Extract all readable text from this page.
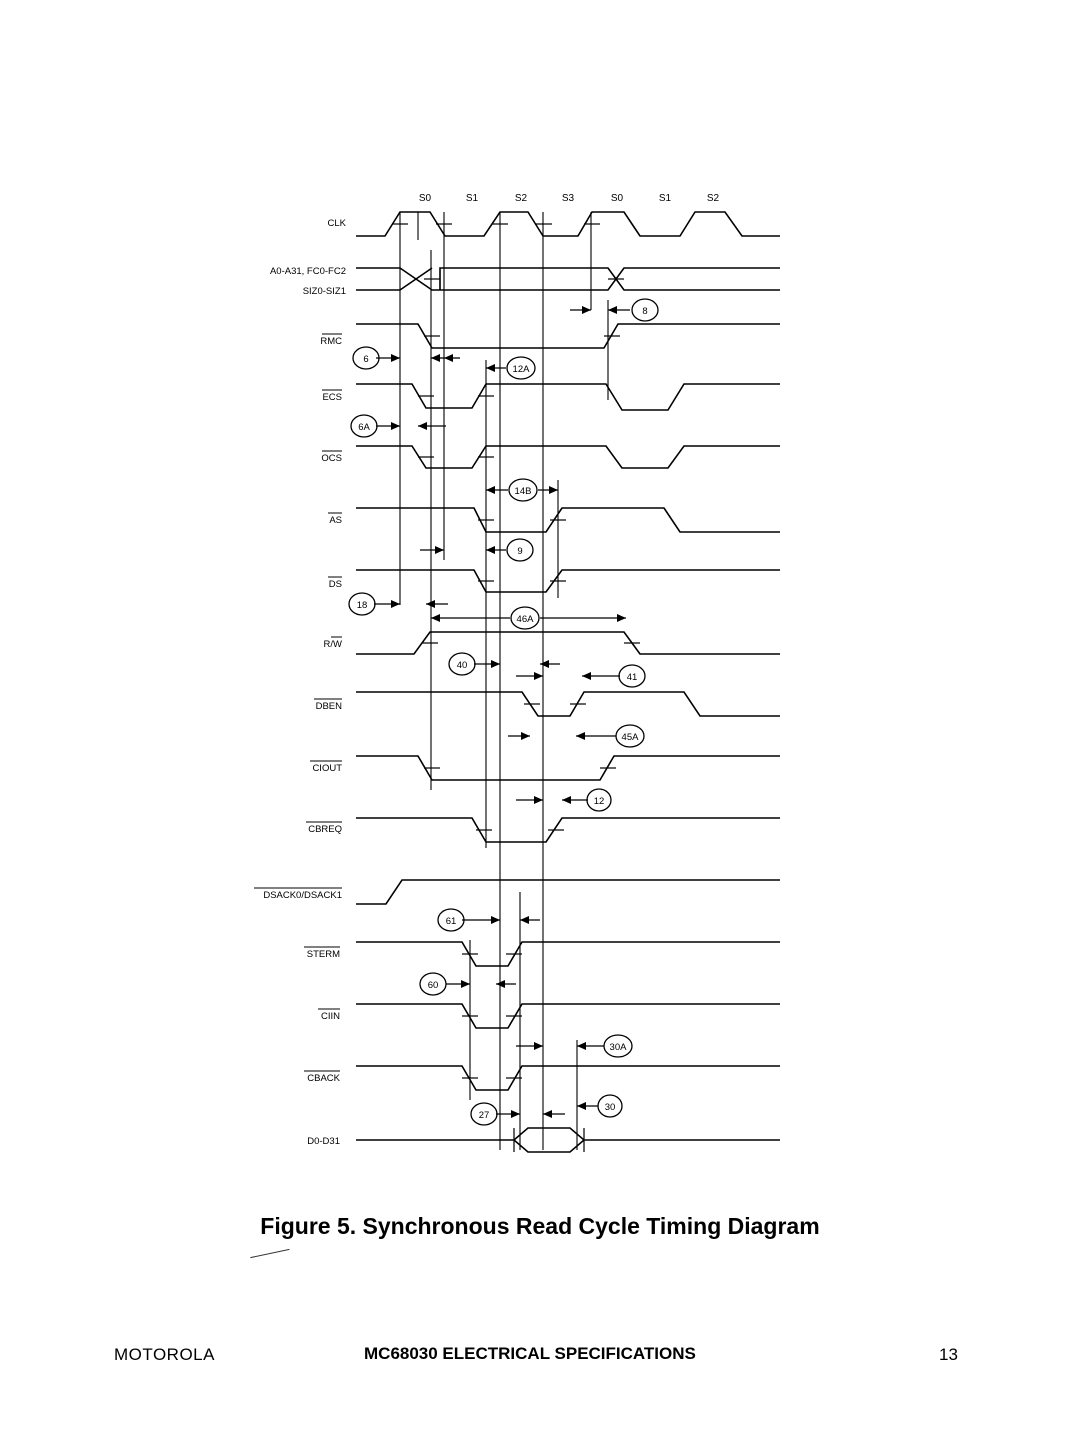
S0	S1	S2	S3	S0	S1	S2
CLK
A0-A31, FC0-FC2
SIZ0-SIZ1
RMC
ECS
OCS
AS
DS
R/W
DBEN
CIOUT
CBREQ
DSACK0/DSACK1
STERM
CIIN
CBACK
D0-D31
8
6
12A
6A
14B
9
18
46A
40
41
45A
12
61
60
30A
27
30
Figure 5. Synchronous Read Cycle Timing Diagram
MOTOROLA	MC68030 ELECTRICAL SPECIFICATIONS	13
